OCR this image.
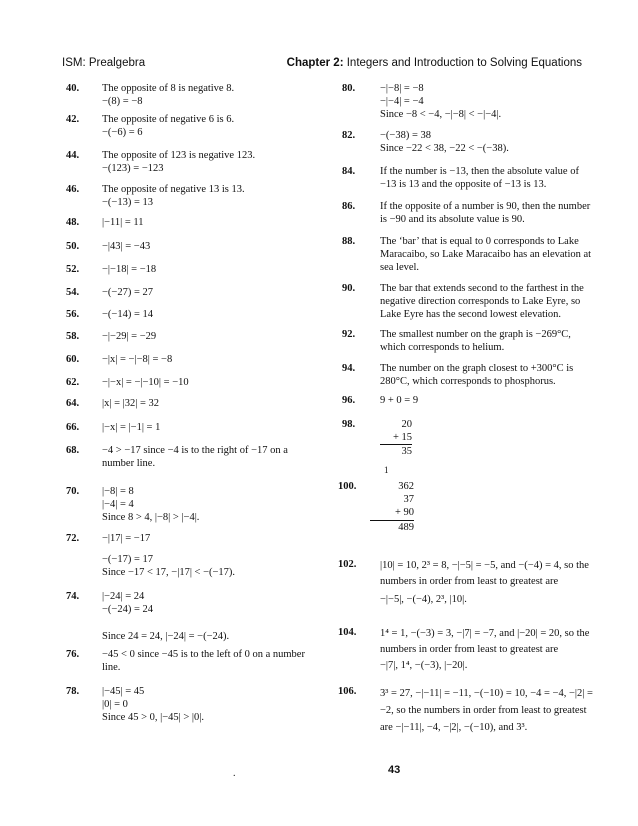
ISM: Prealgebra	Chapter 2: Integers and Introduction to Solving Equations
40.	The opposite of 8 is negative 8.
−(8) = −8
42.	The opposite of negative 6 is 6.
−(−6) = 6
44.	The opposite of 123 is negative 123.
−(123) = −123
46.	The opposite of negative 13 is 13.
−(−13) = 13
48.	|−11| = 11
50.	−|43| = −43
52.	−|−18| = −18
54.	−(−27) = 27
56.	−(−14) = 14
58.	−|−29| = −29
60.	−|x| = −|−8| = −8
62.	−|−x| = −|−10| = −10
64.	|x| = |32| = 32
66.	|−x| = |−1| = 1
68.	−4 > −17 since −4 is to the right of −17 on a number line.
70.	|−8| = 8
|−4| = 4
Since 8 > 4, |−8| > |−4|.
72.	−|17| = −17
−(−17) = 17
Since −17 < 17, −|17| < −(−17).
74.	|−24| = 24
−(−24) = 24
Since 24 = 24, |−24| = −(−24).
76.	−45 < 0 since −45 is to the left of 0 on a number line.
78.	|−45| = 45
|0| = 0
Since 45 > 0, |−45| > |0|.
80.	−|−8| = −8
−|−4| = −4
Since −8 < −4, −|−8| < −|−4|.
82.	−(−38) = 38
Since −22 < 38, −22 < −(−38).
84.	If the number is −13, then the absolute value of −13 is 13 and the opposite of −13 is 13.
86.	If the opposite of a number is 90, then the number is −90 and its absolute value is 90.
88.	The ‘bar’ that is equal to 0 corresponds to Lake Maracaibo, so Lake Maracaibo has an elevation at sea level.
90.	The bar that extends second to the farthest in the negative direction corresponds to Lake Eyre, so Lake Eyre has the second lowest elevation.
92.	The smallest number on the graph is −269°C, which corresponds to helium.
94.	The number on the graph closest to +300°C is 280°C, which corresponds to phosphorus.
96.	9 + 0 = 9
98.	20
+ 15
35
1
100.	362
37
+ 90
489
102.	|10| = 10, 2³ = 8, −|−5| = −5, and −(−4) = 4, so the numbers in order from least to greatest are
−|−5|, −(−4), 2³, |10|.
104.	1⁴ = 1, −(−3) = 3, −|7| = −7, and |−20| = 20, so the numbers in order from least to greatest are
−|7|, 1⁴, −(−3), |−20|.
106.	3³ = 27, −|−11| = −11, −(−10) = 10, −4 = −4, −|2| = −2, so the numbers in order from least to greatest are −|−11|, −4, −|2|, −(−10), and 3³.
.	43
